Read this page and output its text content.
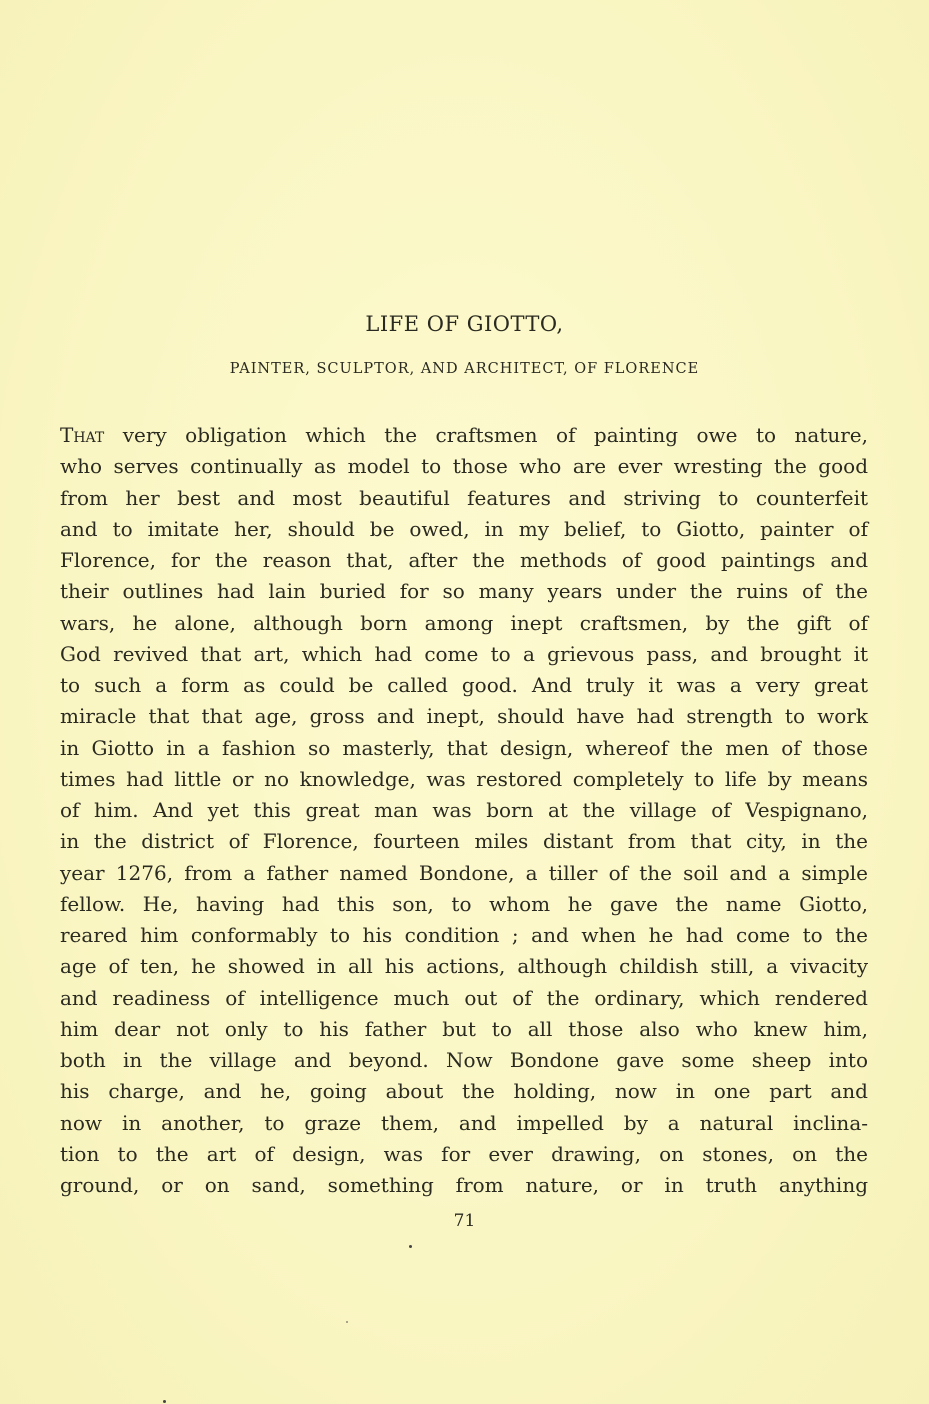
LIFE OF GIOTTO,
PAINTER, SCULPTOR, AND ARCHITECT, OF FLORENCE
That very obligation which the craftsmen of painting owe to nature,
who serves continually as model to those who are ever wresting the good
from her best and most beautiful features and striving to counterfeit
and to imitate her, should be owed, in my belief, to Giotto, painter of
Florence, for the reason that, after the methods of good paintings and
their outlines had lain buried for so many years under the ruins of the
wars, he alone, although born among inept craftsmen, by the gift of
God revived that art, which had come to a grievous pass, and brought it
to such a form as could be called good. And truly it was a very great
miracle that that age, gross and inept, should have had strength to work
in Giotto in a fashion so masterly, that design, whereof the men of those
times had little or no knowledge, was restored completely to life by means
of him. And yet this great man was born at the village of Vespignano,
in the district of Florence, fourteen miles distant from that city, in the
year 1276, from a father named Bondone, a tiller of the soil and a simple
fellow. He, having had this son, to whom he gave the name Giotto,
reared him conformably to his condition ; and when he had come to the
age of ten, he showed in all his actions, although childish still, a vivacity
and readiness of intelligence much out of the ordinary, which rendered
him dear not only to his father but to all those also who knew him,
both in the village and beyond. Now Bondone gave some sheep into
his charge, and he, going about the holding, now in one part and
now in another, to graze them, and impelled by a natural inclina-
tion to the art of design, was for ever drawing, on stones, on the
ground, or on sand, something from nature, or in truth anything
71
